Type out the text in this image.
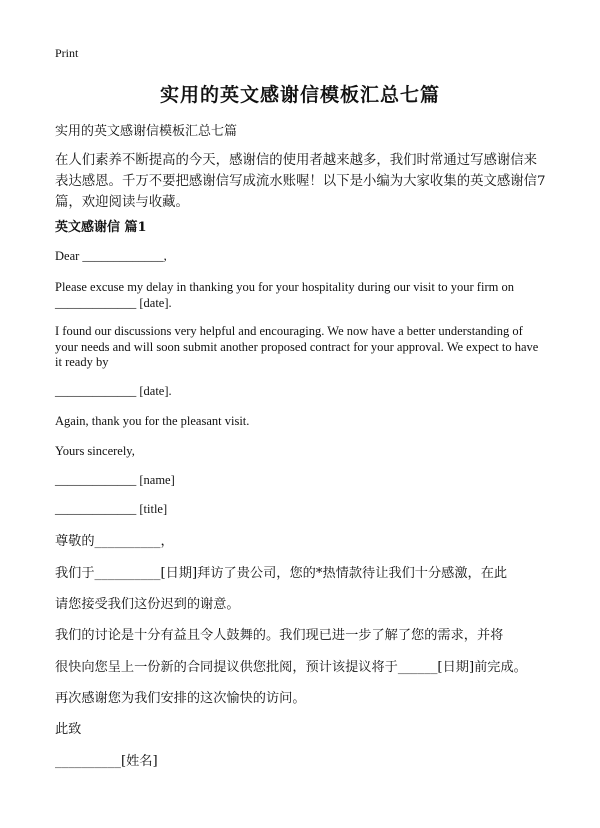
Print
实用的英文感谢信模板汇总七篇
实用的英文感谢信模板汇总七篇
在人们素养不断提高的今天，感谢信的使用者越来越多，我们时常通过写感谢信来表达感恩。千万不要把感谢信写成流水账喔！以下是小编为大家收集的英文感谢信7篇，欢迎阅读与收藏。
英文感谢信 篇1
Dear _____________,
Please excuse my delay in thanking you for your hospitality during our visit to your firm on _____________ [date].
I found our discussions very helpful and encouraging. We now have a better understanding of your needs and will soon submit another proposed contract for your approval. We expect to have it ready by
_____________ [date].
Again, thank you for the pleasant visit.
Yours sincerely,
_____________ [name]
_____________ [title]
尊敬的__________，
我们于__________[日期]拜访了贵公司，您的*热情款待让我们十分感激，在此
请您接受我们这份迟到的谢意。
我们的讨论是十分有益且令人鼓舞的。我们现已进一步了解了您的需求，并将
很快向您呈上一份新的合同提议供您批阅，预计该提议将于______[日期]前完成。
再次感谢您为我们安排的这次愉快的访问。
此致
__________[姓名]
